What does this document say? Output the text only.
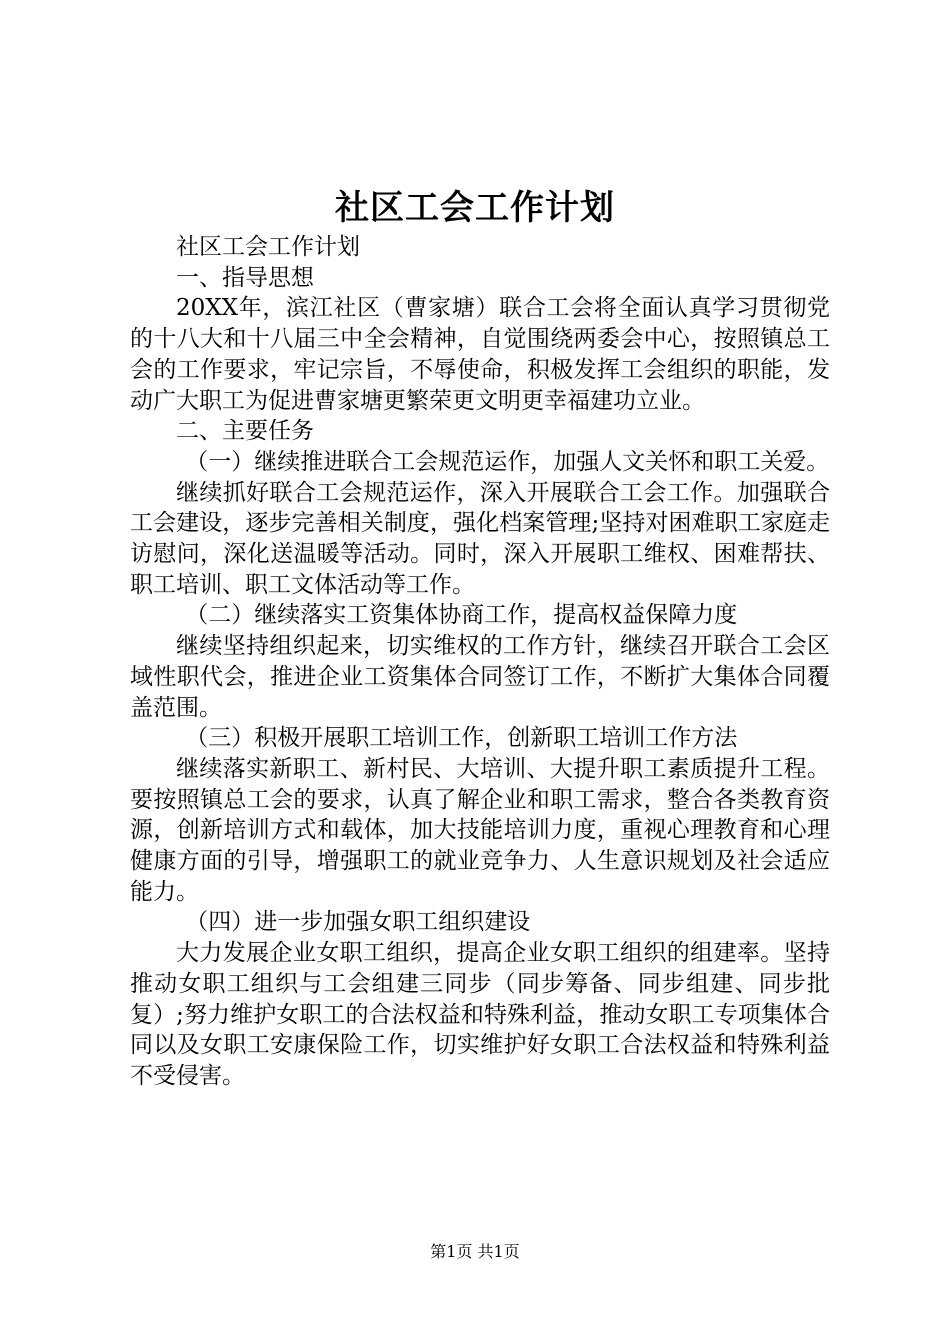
社区工会工作计划

社区工会工作计划

一、指导思想

20XX年，滨江社区（曹家塘）联合工会将全面认真学习贯彻党的十八大和十八届三中全会精神，自觉围绕两委会中心，按照镇总工会的工作要求，牢记宗旨，不辱使命，积极发挥工会组织的职能，发动广大职工为促进曹家塘更繁荣更文明更幸福建功立业。

二、主要任务

（一）继续推进联合工会规范运作，加强人文关怀和职工关爱。

继续抓好联合工会规范运作，深入开展联合工会工作。加强联合工会建设，逐步完善相关制度，强化档案管理;坚持对困难职工家庭走访慰问，深化送温暖等活动。同时，深入开展职工维权、困难帮扶、职工培训、职工文体活动等工作。

（二）继续落实工资集体协商工作，提高权益保障力度

继续坚持组织起来，切实维权的工作方针，继续召开联合工会区域性职代会，推进企业工资集体合同签订工作，不断扩大集体合同覆盖范围。

（三）积极开展职工培训工作，创新职工培训工作方法

继续落实新职工、新村民、大培训、大提升职工素质提升工程。要按照镇总工会的要求，认真了解企业和职工需求，整合各类教育资源，创新培训方式和载体，加大技能培训力度，重视心理教育和心理健康方面的引导，增强职工的就业竞争力、人生意识规划及社会适应能力。

（四）进一步加强女职工组织建设

大力发展企业女职工组织，提高企业女职工组织的组建率。坚持推动女职工组织与工会组建三同步（同步筹备、同步组建、同步批复）;努力维护女职工的合法权益和特殊利益，推动女职工专项集体合同以及女职工安康保险工作，切实维护好女职工合法权益和特殊利益不受侵害。

第1页 共1页
